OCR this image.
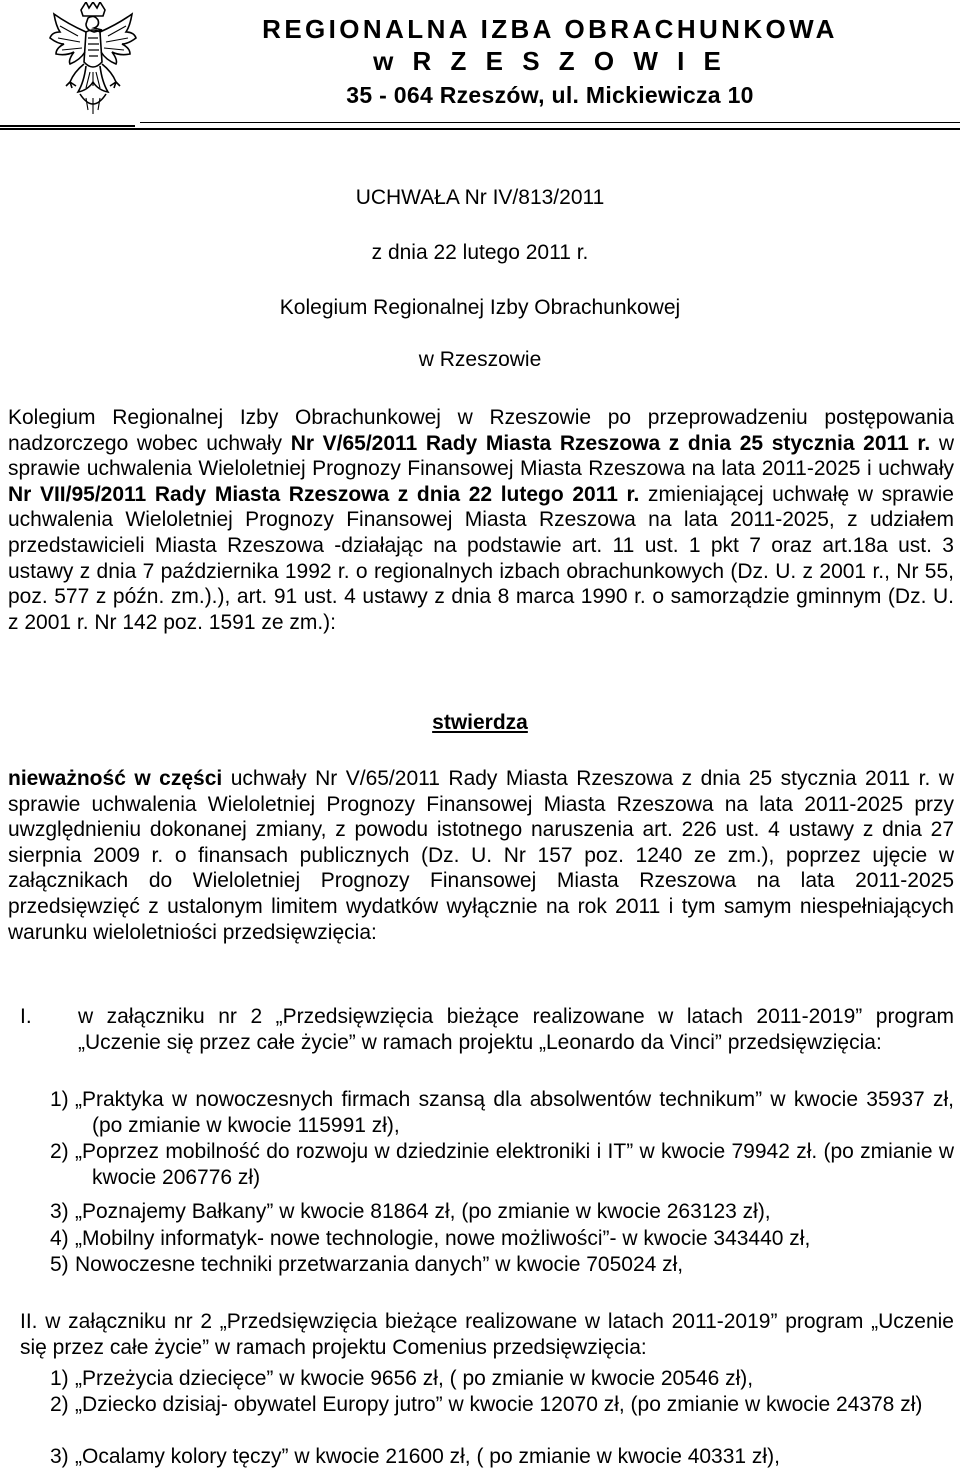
REGIONALNA IZBA OBRACHUNKOWA
w R Z E S Z O W I E
35 - 064 Rzeszów, ul. Mickiewicza 10
UCHWAŁA Nr IV/813/2011
z dnia 22 lutego 2011 r.
Kolegium Regionalnej Izby Obrachunkowej
w Rzeszowie

Kolegium Regionalnej Izby Obrachunkowej w Rzeszowie po przeprowadzeniu postępowania nadzorczego wobec uchwały Nr V/65/2011 Rady Miasta Rzeszowa z dnia 25 stycznia 2011 r. w sprawie uchwalenia Wieloletniej Prognozy Finansowej Miasta Rzeszowa na lata 2011-2025 i uchwały Nr VII/95/2011 Rady Miasta Rzeszowa z dnia 22 lutego 2011 r. zmieniającej uchwałę w sprawie uchwalenia Wieloletniej Prognozy Finansowej Miasta Rzeszowa na lata 2011-2025, z udziałem przedstawicieli Miasta Rzeszowa -działając na podstawie art. 11 ust. 1 pkt 7 oraz art.18a ust. 3 ustawy z dnia 7 października 1992 r. o regionalnych izbach obrachunkowych (Dz. U. z 2001 r., Nr 55, poz. 577 z późn. zm.).), art. 91 ust. 4 ustawy z dnia 8 marca 1990 r. o samorządzie gminnym (Dz. U. z 2001 r. Nr 142 poz. 1591 ze zm.):

stwierdza

nieważność w części uchwały Nr V/65/2011 Rady Miasta Rzeszowa z dnia 25 stycznia 2011 r. w sprawie uchwalenia Wieloletniej Prognozy Finansowej Miasta Rzeszowa na lata 2011-2025 przy uwzględnieniu dokonanej zmiany, z powodu istotnego naruszenia art. 226 ust. 4 ustawy z dnia 27 sierpnia 2009 r. o finansach publicznych (Dz. U. Nr 157 poz. 1240 ze zm.), poprzez ujęcie w załącznikach do Wieloletniej Prognozy Finansowej Miasta Rzeszowa na lata 2011-2025 przedsięwzięć z ustalonym limitem wydatków wyłącznie na rok 2011 i tym samym niespełniających warunku wieloletniości przedsięwzięcia:

I. w załączniku nr 2 „Przedsięwzięcia bieżące realizowane w latach 2011-2019” program „Uczenie się przez całe życie” w ramach projektu „Leonardo da Vinci” przedsięwzięcia:
1) „Praktyka w nowoczesnych firmach szansą dla absolwentów technikum” w kwocie 35937 zł, (po zmianie w kwocie 115991 zł),
2) „Poprzez mobilność do rozwoju w dziedzinie elektroniki i IT” w kwocie 79942 zł. (po zmianie w kwocie 206776 zł)
3) „Poznajemy Bałkany” w kwocie 81864 zł, (po zmianie w kwocie 263123 zł),
4) „Mobilny informatyk- nowe technologie, nowe możliwości”- w kwocie 343440 zł,
5) Nowoczesne techniki przetwarzania danych” w kwocie 705024 zł,
II. w załączniku nr 2 „Przedsięwzięcia bieżące realizowane w latach 2011-2019” program „Uczenie się przez całe życie” w ramach projektu Comenius przedsięwzięcia:
1) „Przeżycia dziecięce” w kwocie 9656 zł, ( po zmianie w kwocie 20546 zł),
2) „Dziecko dzisiaj- obywatel Europy jutro” w kwocie 12070 zł, (po zmianie w kwocie 24378 zł)
3) „Ocalamy kolory tęczy” w kwocie 21600 zł, ( po zmianie w kwocie 40331 zł),
